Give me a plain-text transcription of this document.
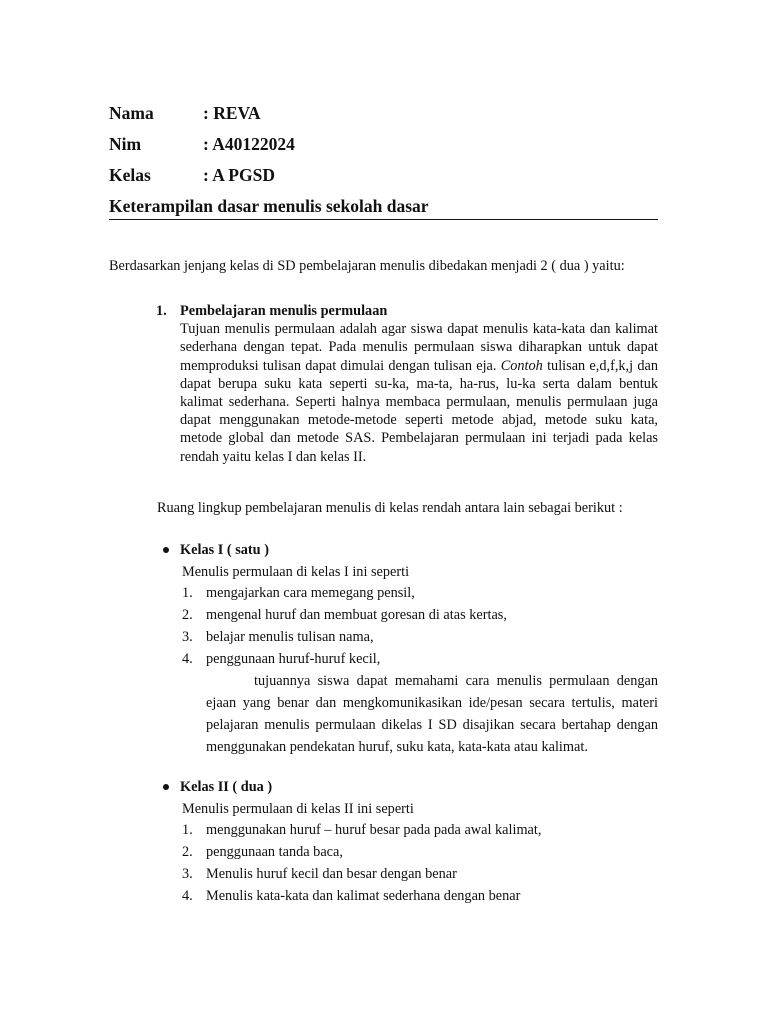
Nama	: REVA
Nim	: A40122024
Kelas	: A PGSD
Keterampilan dasar menulis sekolah dasar
Berdasarkan jenjang kelas di SD pembelajaran menulis dibedakan menjadi 2 ( dua ) yaitu:
1. Pembelajaran menulis permulaan
Tujuan menulis permulaan adalah agar siswa dapat menulis kata-kata dan kalimat sederhana dengan tepat. Pada menulis permulaan siswa diharapkan untuk dapat memproduksi tulisan dapat dimulai dengan tulisan eja. Contoh tulisan e,d,f,k,j dan dapat berupa suku kata seperti su-ka, ma-ta, ha-rus, lu-ka serta dalam bentuk kalimat sederhana. Seperti halnya membaca permulaan, menulis permulaan juga dapat menggunakan metode-metode seperti metode abjad, metode suku kata, metode global dan metode SAS. Pembelajaran permulaan ini terjadi pada kelas rendah yaitu kelas I dan kelas II.
Ruang lingkup pembelajaran menulis di kelas rendah antara lain sebagai berikut :
Kelas I ( satu )
Menulis permulaan di kelas I ini seperti
1. mengajarkan cara memegang pensil,
2. mengenal huruf dan membuat goresan di atas kertas,
3. belajar menulis tulisan nama,
4. penggunaan huruf-huruf kecil,
tujuannya siswa dapat memahami cara menulis permulaan dengan ejaan yang benar dan mengkomunikasikan ide/pesan secara tertulis, materi pelajaran menulis permulaan dikelas I SD disajikan secara bertahap dengan menggunakan pendekatan huruf, suku kata, kata-kata atau kalimat.
Kelas II ( dua )
Menulis permulaan di kelas II ini seperti
1. menggunakan huruf – huruf besar pada pada awal kalimat,
2. penggunaan tanda baca,
3. Menulis huruf kecil dan besar dengan benar
4. Menulis kata-kata dan kalimat sederhana dengan benar
